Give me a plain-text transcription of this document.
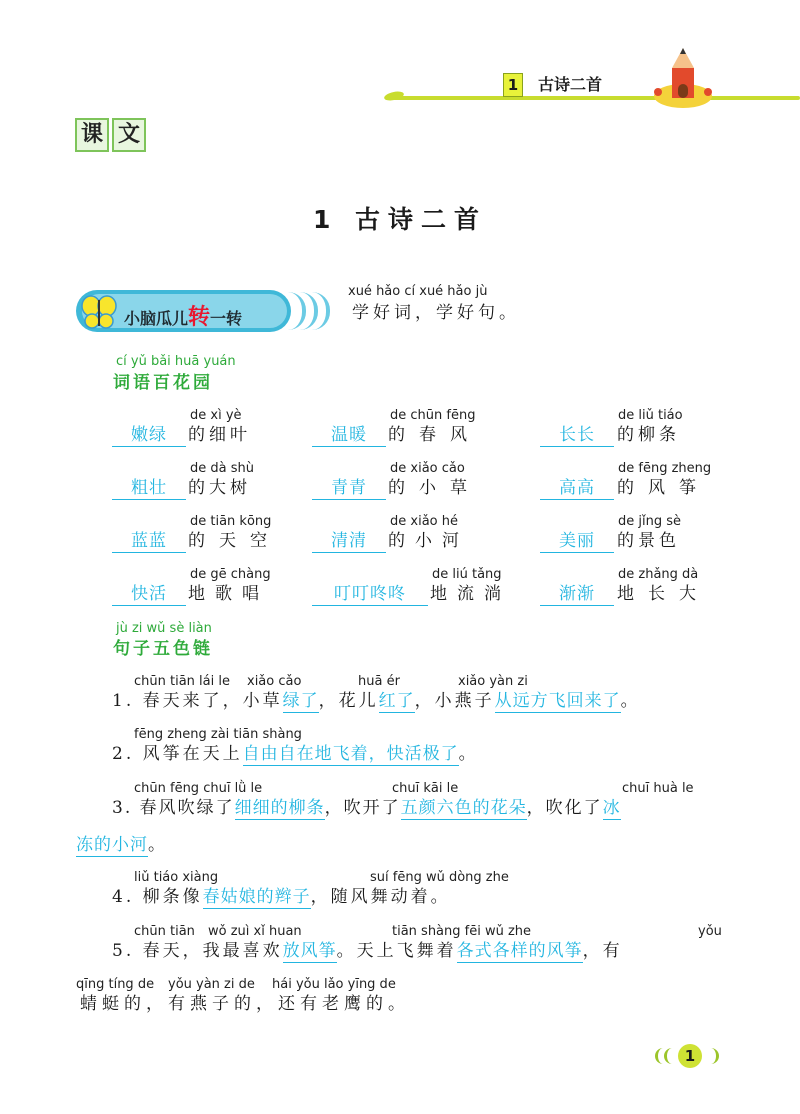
1 古诗二首
课 文
1 古诗二首
小脑瓜儿转一转
xué hǎo cí xué hǎo jù
学好词，学好句。
cí yǔ bǎi huā yuán
词语百花园
de xì yè
嫩绿	的细叶
de chūn fēng
温暖	的春风
de liǔ tiáo
长长	的柳条
de dà shù
粗壮	的大树
de xiǎo cǎo
青青	的小草
de fēng zheng
高高	的风筝
de tiān kōng
蓝蓝	的天空
de xiǎo hé
清清	的小河
de jǐng sè
美丽	的景色
de gē chàng
快活	地歌唱
de liú tǎng
叮叮咚咚	地流淌
de zhǎng dà
渐渐	地长大
jù zi wǔ sè liàn
句子五色链
chūn tiān lái le xiǎo cǎo	huā ér	xiǎo yàn zi
1. 春天来了，小草绿了，花儿红了，小燕子从远方飞回来了。
fēng zheng zài tiān shàng
2. 风筝在天上自由自在地飞着，快活极了。
chūn fēng chuī lǜ le	chuī kāi le	chuī huà le
3. 春风吹绿了细细的柳条，吹开了五颜六色的花朵，吹化了冰
冻的小河。
liǔ tiáo xiàng	suí fēng wǔ dòng zhe
4. 柳条像春姑娘的辫子，随风舞动着。
chūn tiān wǒ zuì xǐ huan	tiān shàng fēi wǔ zhe	yǒu
5. 春天，我最喜欢放风筝。天上飞舞着各式各样的风筝，有
qīng tíng de yǒu yàn zi de hái yǒu lǎo yīng de
蜻蜓的，有燕子的，还有老鹰的。
1
